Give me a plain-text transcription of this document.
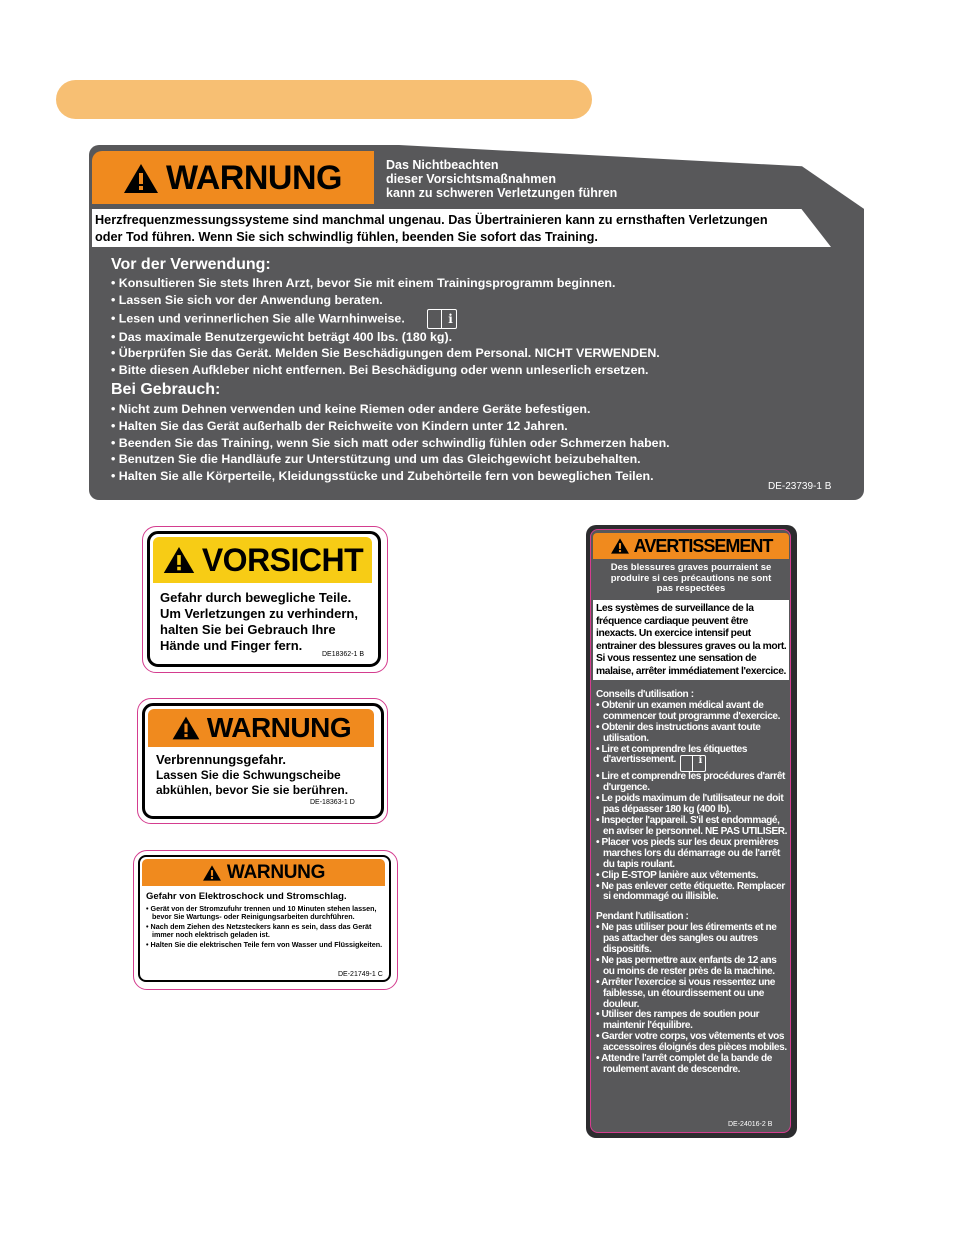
WARNUNG	Das Nichtbeachten
dieser Vorsichtsmaßnahmen
kann zu schweren Verletzungen führen
Herzfrequenzmessungssysteme sind manchmal ungenau. Das Übertrainieren kann zu ernsthaften Verletzungen
oder Tod führen. Wenn Sie sich schwindlig fühlen, beenden Sie sofort das Training.
Vor der Verwendung:
• Konsultieren Sie stets Ihren Arzt, bevor Sie mit einem Trainingsprogramm beginnen.
• Lassen Sie sich vor der Anwendung beraten.
• Lesen und verinnerlichen Sie alle Warnhinweise.	i
• Das maximale Benutzergewicht beträgt 400 lbs. (180 kg).
• Überprüfen Sie das Gerät. Melden Sie Beschädigungen dem Personal. NICHT VERWENDEN.
• Bitte diesen Aufkleber nicht entfernen. Bei Beschädigung oder wenn unleserlich ersetzen.
Bei Gebrauch:
• Nicht zum Dehnen verwenden und keine Riemen oder andere Geräte befestigen.
• Halten Sie das Gerät außerhalb der Reichweite von Kindern unter 12 Jahren.
• Beenden Sie das Training, wenn Sie sich matt oder schwindlig fühlen oder Schmerzen haben.
• Benutzen Sie die Handläufe zur Unterstützung und um das Gleichgewicht beizubehalten.
• Halten Sie alle Körperteile, Kleidungsstücke und Zubehörteile fern von beweglichen Teilen.
DE-23739-1 B
VORSICHT
Gefahr durch bewegliche Teile.
Um Verletzungen zu verhindern,
halten Sie bei Gebrauch Ihre
Hände und Finger fern.
DE18362-1 B
WARNUNG
Verbrennungsgefahr.
Lassen Sie die Schwungscheibe
abkühlen, bevor Sie sie berühren.
DE-18363-1 D
WARNUNG
Gefahr von Elektroschock und Stromschlag.
• Gerät von der Stromzufuhr trennen und 10 Minuten stehen lassen, bevor Sie Wartungs- oder Reinigungsarbeiten durchführen.
• Nach dem Ziehen des Netzsteckers kann es sein, dass das Gerät immer noch elektrisch geladen ist.
• Halten Sie die elektrischen Teile fern von Wasser und Flüssigkeiten.
DE-21749-1 C
AVERTISSEMENT
Des blessures graves pourraient se
produire si ces précautions ne sont
pas respectées
Les systèmes de surveillance de la
fréquence cardiaque peuvent être
inexacts. Un exercice intensif peut
entrainer des blessures graves ou la mort.
Si vous ressentez une sensation de
malaise, arrêter immédiatement l'exercice.

Conseils d'utilisation :

• Obtenir un examen médical avant de commencer tout programme d'exercice.
• Obtenir des instructions avant toute utilisation.
• Lire et comprendre les étiquettes d'avertissement. i
• Lire et comprendre les procédures d'arrêt d'urgence.
• Le poids maximum de l'utilisateur ne doit pas dépasser 180 kg (400 lb).
• Inspecter l'appareil. S'il est endommagé, en aviser le personnel. NE PAS UTILISER.
• Placer vos pieds sur les deux premières marches lors du démarrage ou de l'arrêt du tapis roulant.
• Clip E-STOP lanière aux vêtements.
• Ne pas enlever cette étiquette. Remplacer si endommagé ou illisible.

Pendant l'utilisation :

• Ne pas utiliser pour les étirements et ne pas attacher des sangles ou autres dispositifs.
• Ne pas permettre aux enfants de 12 ans ou moins de rester près de la machine.
• Arrêter l'exercice si vous ressentez une faiblesse, un étourdissement ou une douleur.
• Utiliser des rampes de soutien pour maintenir l'équilibre.
• Garder votre corps, vos vêtements et vos accessoires éloignés des pièces mobiles.
• Attendre l'arrêt complet de la bande de roulement avant de descendre.
DE-24016-2 B
